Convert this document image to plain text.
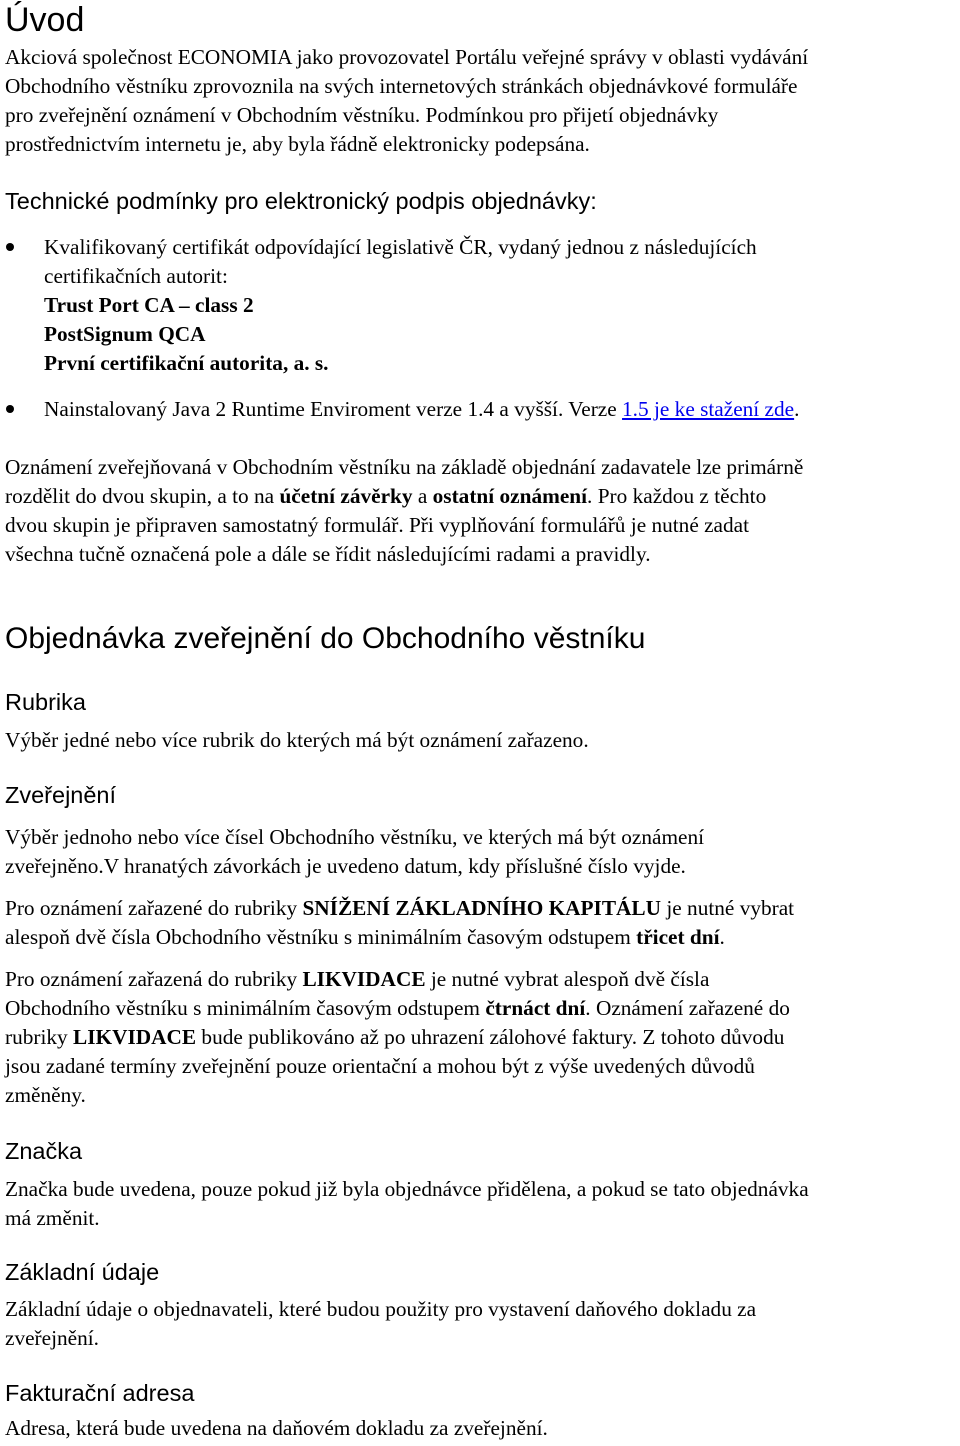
Úvod

Akciová společnost ECONOMIA jako provozovatel Portálu veřejné správy v oblasti vydávání
Obchodního věstníku zprovoznila na svých internetových stránkách objednávkové formuláře
pro zveřejnění oznámení v Obchodním věstníku. Podmínkou pro přijetí objednávky
prostřednictvím internetu je, aby byla řádně elektronicky podepsána.

Technické podmínky pro elektronický podpis objednávky:
Kvalifikovaný certifikát odpovídající legislativě ČR, vydaný jednou z následujících
certifikačních autorit:
Trust Port CA – class 2
PostSignum QCA
První certifikační autorita, a. s.
Nainstalovaný Java 2 Runtime Enviroment verze 1.4 a vyšší. Verze 1.5 je ke stažení zde.

Oznámení zveřejňovaná v Obchodním věstníku na základě objednání zadavatele lze primárně
rozdělit do dvou skupin, a to na účetní závěrky a ostatní oznámení. Pro každou z těchto
dvou skupin je připraven samostatný formulář. Při vyplňování formulářů je nutné zadat
všechna tučně označená pole a dále se řídit následujícími radami a pravidly.

Objednávka zveřejnění do Obchodního věstníku
Rubrika

Výběr jedné nebo více rubrik do kterých má být oznámení zařazeno.

Zveřejnění

Výběr jednoho nebo více čísel Obchodního věstníku, ve kterých má být oznámení
zveřejněno.V hranatých závorkách je uvedeno datum, kdy příslušné číslo vyjde.

Pro oznámení zařazené do rubriky SNÍŽENÍ ZÁKLADNÍHO KAPITÁLU je nutné vybrat
alespoň dvě čísla Obchodního věstníku s minimálním časovým odstupem třicet dní.

Pro oznámení zařazená do rubriky LIKVIDACE je nutné vybrat alespoň dvě čísla
Obchodního věstníku s minimálním časovým odstupem čtrnáct dní. Oznámení zařazené do
rubriky LIKVIDACE bude publikováno až po uhrazení zálohové faktury. Z tohoto důvodu
jsou zadané termíny zveřejnění pouze orientační a mohou být z výše uvedených důvodů
změněny.

Značka

Značka bude uvedena, pouze pokud již byla objednávce přidělena, a pokud se tato objednávka
má změnit.

Základní údaje

Základní údaje o objednavateli, které budou použity pro vystavení daňového dokladu za
zveřejnění.

Fakturační adresa

Adresa, která bude uvedena na daňovém dokladu za zveřejnění.
